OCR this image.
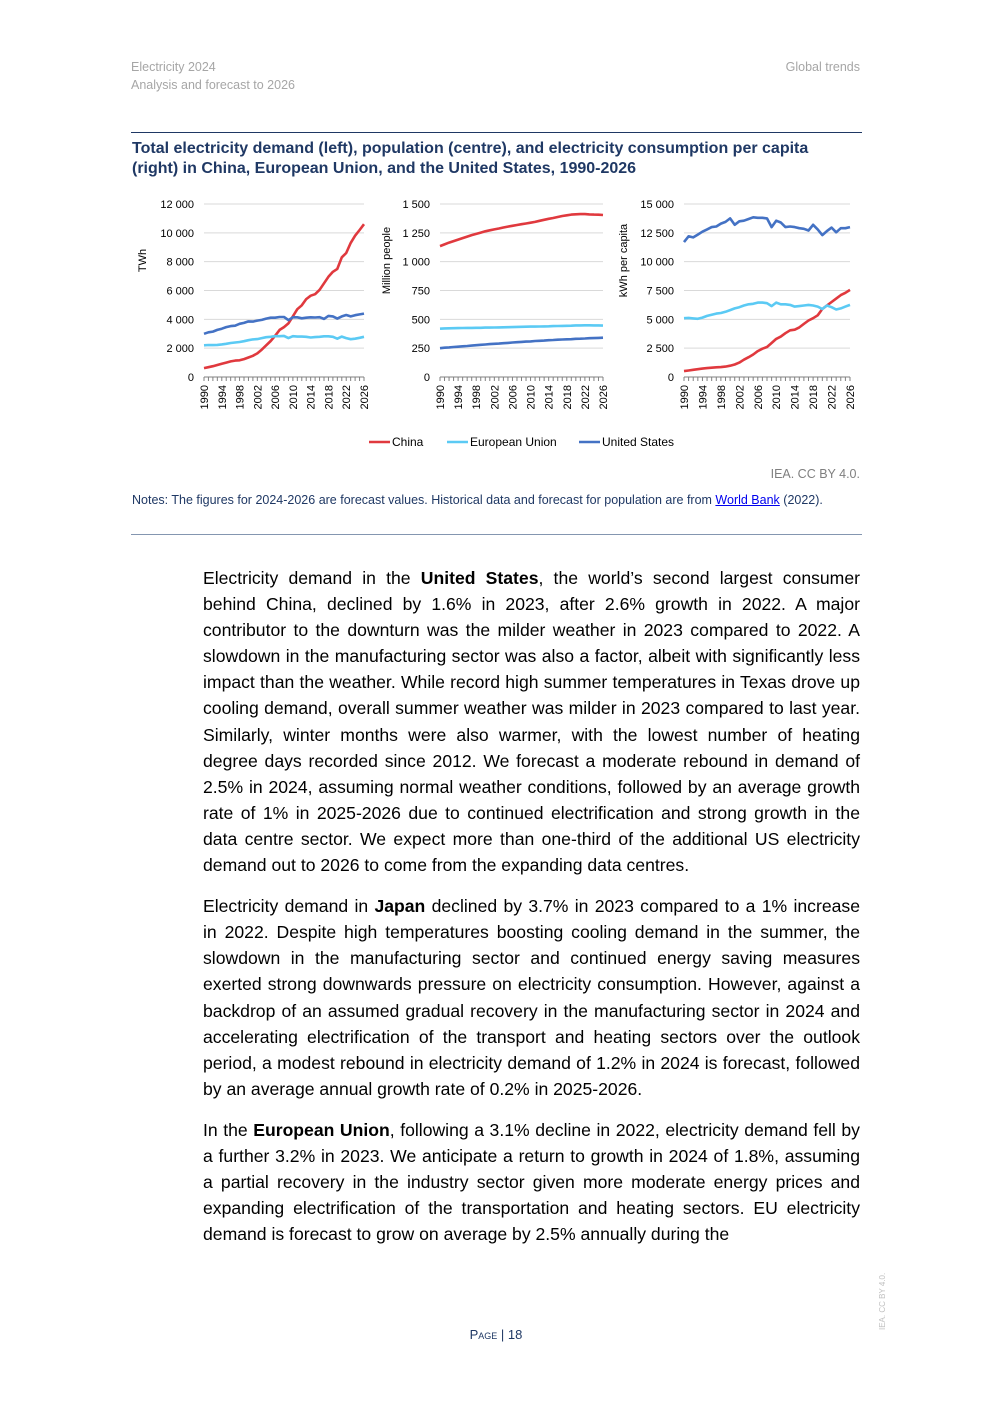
Electricity 2024
Analysis and forecast to 2026
Global trends
Total electricity demand (left), population (centre), and electricity consumption per capita (right) in China, European Union, and the United States, 1990-2026
0
2 000
4 000
6 000
8 000
10 000
12 000
1990 1994 1998 2002 2006 2010 2014 2018 2022 2026
TWh
0
250
500
750
1 000
1 250
1 500
1990 1994 1998 2002 2006 2010 2014 2018 2022 2026
Million people
0
2 500
5 000
7 500
10 000
12 500
15 000
1990 1994 1998 2002 2006 2010 2014 2018 2022 2026
kWh per capita
China	European Union	United States
IEA. CC BY 4.0.
Notes: The figures for 2024-2026 are forecast values. Historical data and forecast for population are from World Bank (2022).

Electricity demand in the United States, the world’s second largest consumer behind China, declined by 1.6% in 2023, after 2.6% growth in 2022. A major contributor to the downturn was the milder weather in 2023 compared to 2022. A slowdown in the manufacturing sector was also a factor, albeit with significantly less impact than the weather. While record high summer temperatures in Texas drove up cooling demand, overall summer weather was milder in 2023 compared to last year. Similarly, winter months were also warmer, with the lowest number of heating degree days recorded since 2012. We forecast a moderate rebound in demand of 2.5% in 2024, assuming normal weather conditions, followed by an average growth rate of 1% in 2025-2026 due to continued electrification and strong growth in the data centre sector. We expect more than one-third of the additional US electricity demand out to 2026 to come from the expanding data centres.

Electricity demand in Japan declined by 3.7% in 2023 compared to a 1% increase in 2022. Despite high temperatures boosting cooling demand in the summer, the slowdown in the manufacturing sector and continued energy saving measures exerted strong downwards pressure on electricity consumption. However, against a backdrop of an assumed gradual recovery in the manufacturing sector in 2024 and accelerating electrification of the transport and heating sectors over the outlook period, a modest rebound in electricity demand of 1.2% in 2024 is forecast, followed by an average annual growth rate of 0.2% in 2025-2026.

In the European Union, following a 3.1% decline in 2022, electricity demand fell by a further 3.2% in 2023. We anticipate a return to growth in 2024 of 1.8%, assuming a partial recovery in the industry sector given more moderate energy prices and expanding electrification of the transportation and heating sectors. EU electricity demand is forecast to grow on average by 2.5% annually during the

Page | 18
IEA. CC BY 4.0.
